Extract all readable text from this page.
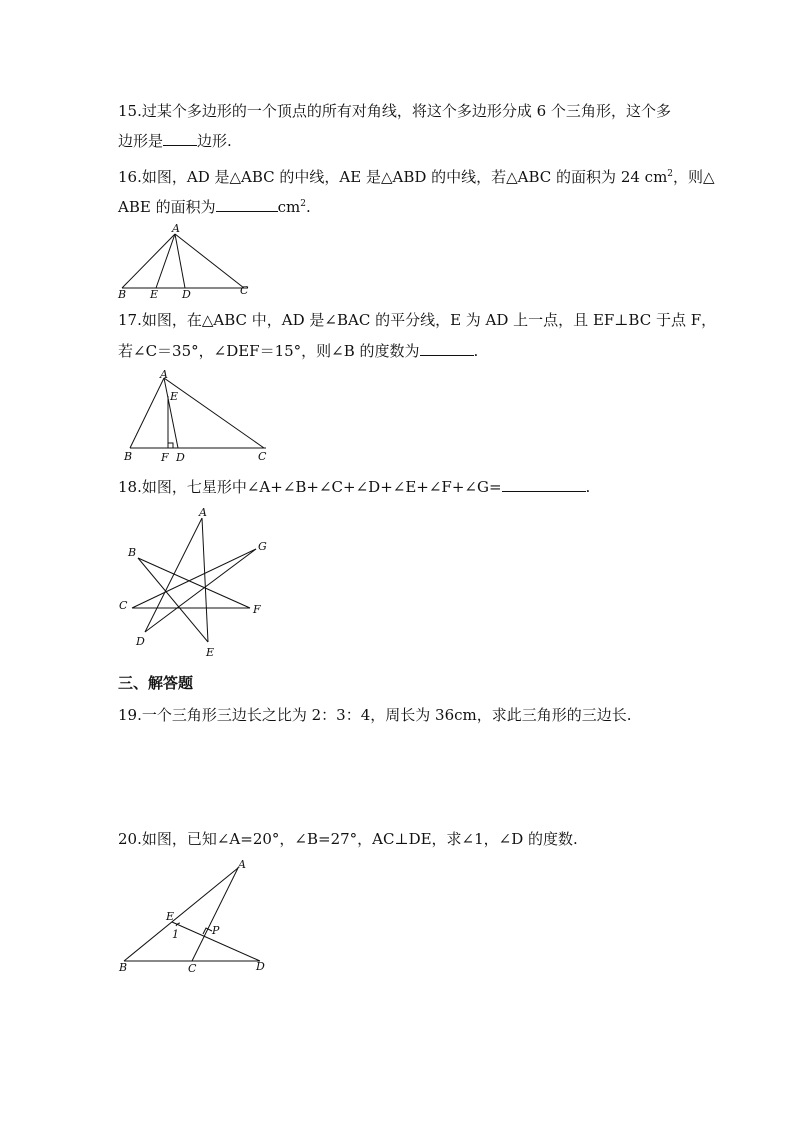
15.过某个多边形的一个顶点的所有对角线，将这个多边形分成 6 个三角形，这个多
边形是 边形.
16.如图，AD 是△ABC 的中线，AE 是△ABD 的中线，若△ABC 的面积为 24 $cm^2$，则△
ABE 的面积为	$cm^2$.
A
B E D	C
17.如图，在△ABC 中，AD 是∠BAC 的平分线，E 为 AD 上一点，且 EF⊥BC 于点 F，
若∠C＝35°，∠DEF＝15°，则∠B 的度数为	.
A
E
B	F D	C
18.如图，七星形中∠A+∠B+∠C+∠D+∠E+∠F+∠G=	.
A
B	G
C	F
D
E
三、解答题
19.一个三角形三边长之比为 2：3：4，周长为 36cm，求此三角形的三边长.
20.如图，已知∠A=20°，∠B=27°，AC⊥DE，求∠1，∠D 的度数.
A
E
1	P
B	C	D
